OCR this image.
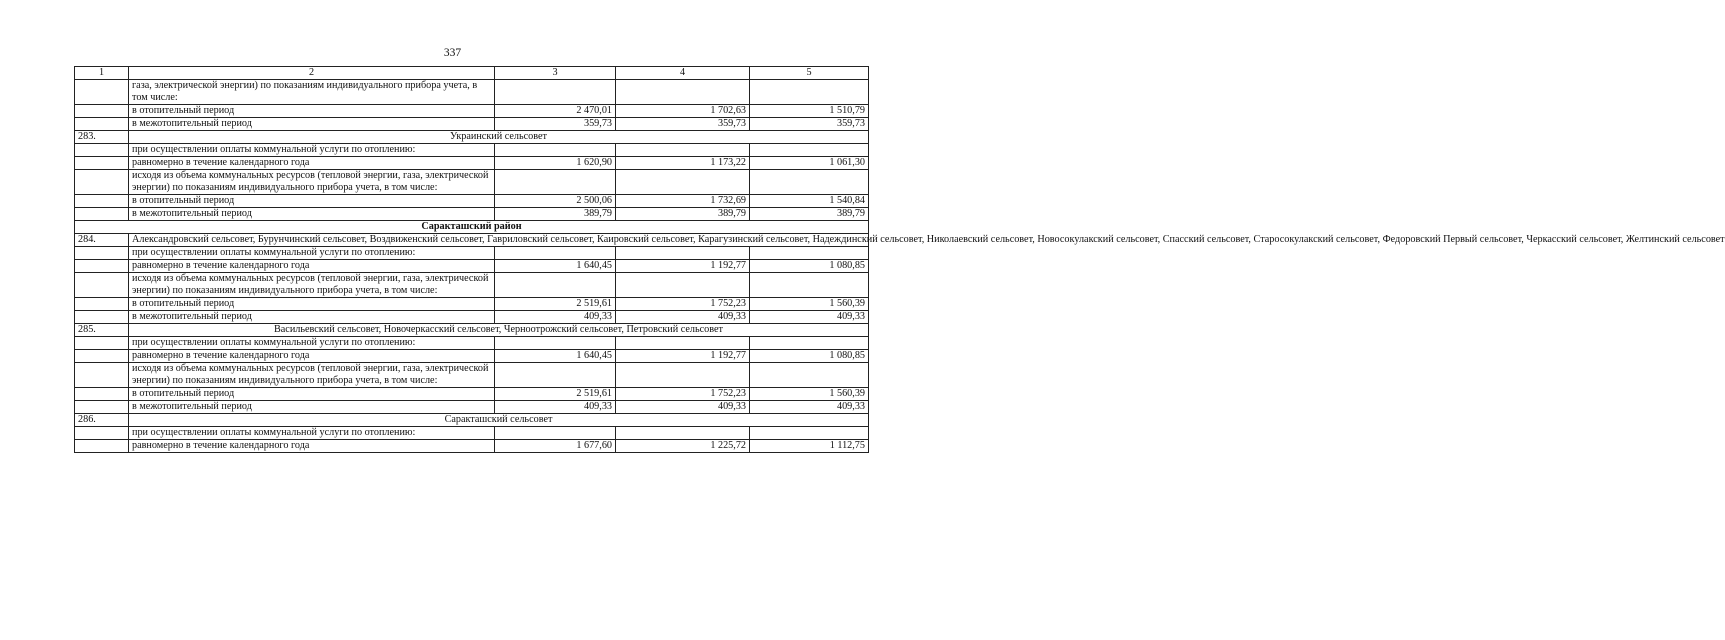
337
1	2	3	4	5
	газа, электрической энергии) по показаниям индивидуального прибора учета, в том числе:			
	в отопительный период	2 470,01	1 702,63	1 510,79
	в межотопительный период	359,73	359,73	359,73
283.	Украинский сельсовет			
	при осуществлении оплаты коммунальной услуги по отоплению:			
	равномерно в течение календарного года	1 620,90	1 173,22	1 061,30
	исходя из объема коммунальных ресурсов (тепловой энергии, газа, электрической энергии) по показаниям индивидуального прибора учета, в том числе:			
	в отопительный период	2 500,06	1 732,69	1 540,84
	в межотопительный период	389,79	389,79	389,79
Саракташский район				
284.	Александровский сельсовет, Бурунчинский сельсовет, Воздвиженский сельсовет, Гавриловский сельсовет, Каировский сельсовет, Карагузинский сельсовет, Надеждинский сельсовет, Николаевский сельсовет, Новосокулакский сельсовет, Спасский сельсовет, Старосокулакский сельсовет, Федоровский Первый сельсовет, Черкасский сельсовет, Желтинский сельсовет			
	при осуществлении оплаты коммунальной услуги по отоплению:			
	равномерно в течение календарного года	1 640,45	1 192,77	1 080,85
	исходя из объема коммунальных ресурсов (тепловой энергии, газа, электрической энергии) по показаниям индивидуального прибора учета, в том числе:			
	в отопительный период	2 519,61	1 752,23	1 560,39
	в межотопительный период	409,33	409,33	409,33
285.	Васильевский сельсовет, Новочеркасский сельсовет, Черноотрожский сельсовет, Петровский сельсовет			
	при осуществлении оплаты коммунальной услуги по отоплению:			
	равномерно в течение календарного года	1 640,45	1 192,77	1 080,85
	исходя из объема коммунальных ресурсов (тепловой энергии, газа, электрической энергии) по показаниям индивидуального прибора учета, в том числе:			
	в отопительный период	2 519,61	1 752,23	1 560,39
	в межотопительный период	409,33	409,33	409,33
286.	Саракташский сельсовет			
	при осуществлении оплаты коммунальной услуги по отоплению:			
	равномерно в течение календарного года	1 677,60	1 225,72	1 112,75
